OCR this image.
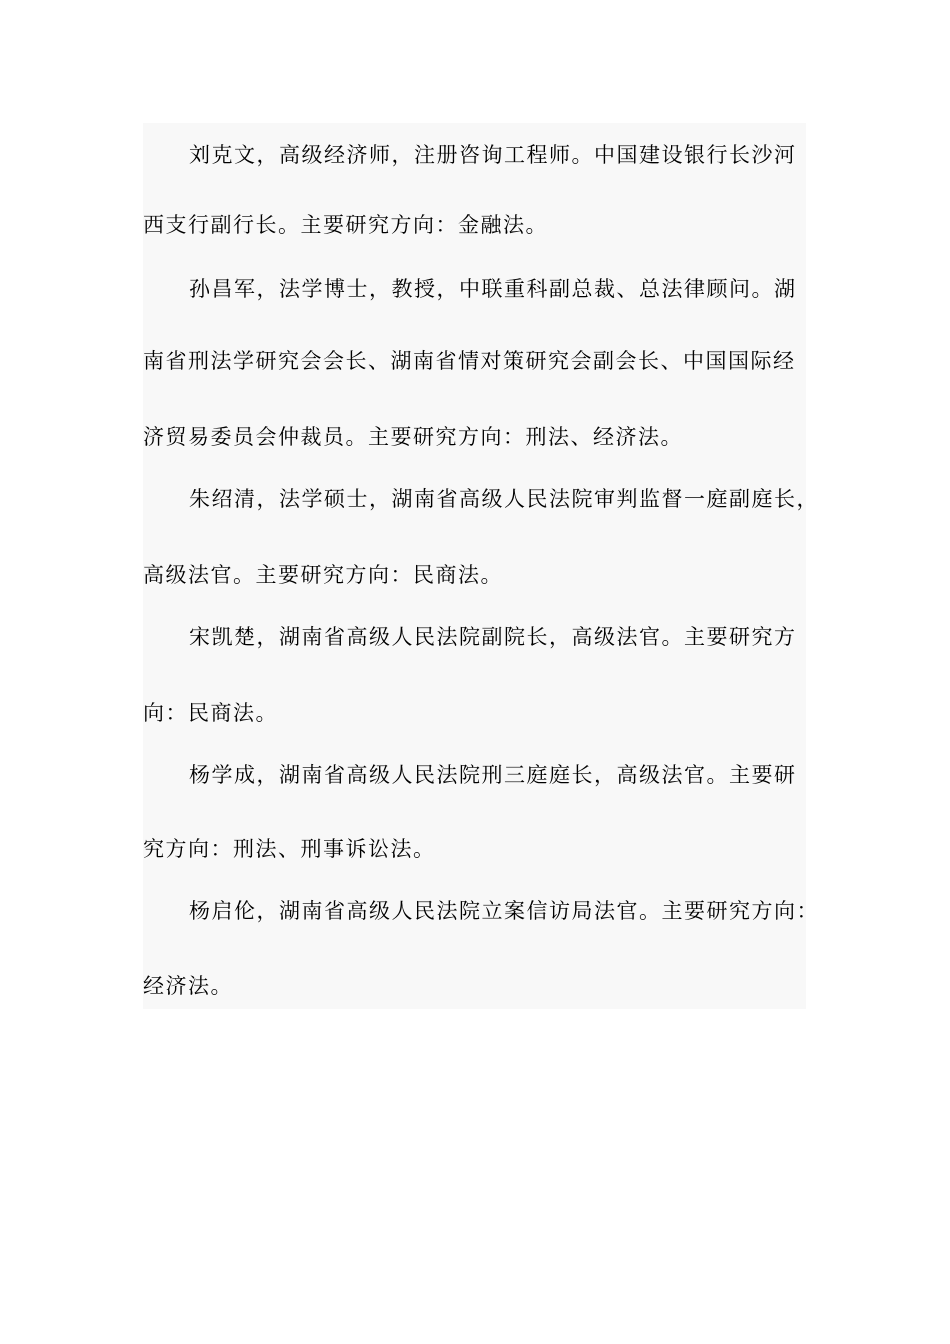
刘克文，高级经济师，注册咨询工程师。中国建设银行长沙河
西支行副行长。主要研究方向：金融法。
孙昌军，法学博士，教授，中联重科副总裁、总法律顾问。湖
南省刑法学研究会会长、湖南省情对策研究会副会长、中国国际经
济贸易委员会仲裁员。主要研究方向：刑法、经济法。
朱绍清，法学硕士，湖南省高级人民法院审判监督一庭副庭长，
高级法官。主要研究方向：民商法。
宋凯楚，湖南省高级人民法院副院长，高级法官。主要研究方
向：民商法。
杨学成，湖南省高级人民法院刑三庭庭长，高级法官。主要研
究方向：刑法、刑事诉讼法。
杨启伦，湖南省高级人民法院立案信访局法官。主要研究方向：
经济法。
